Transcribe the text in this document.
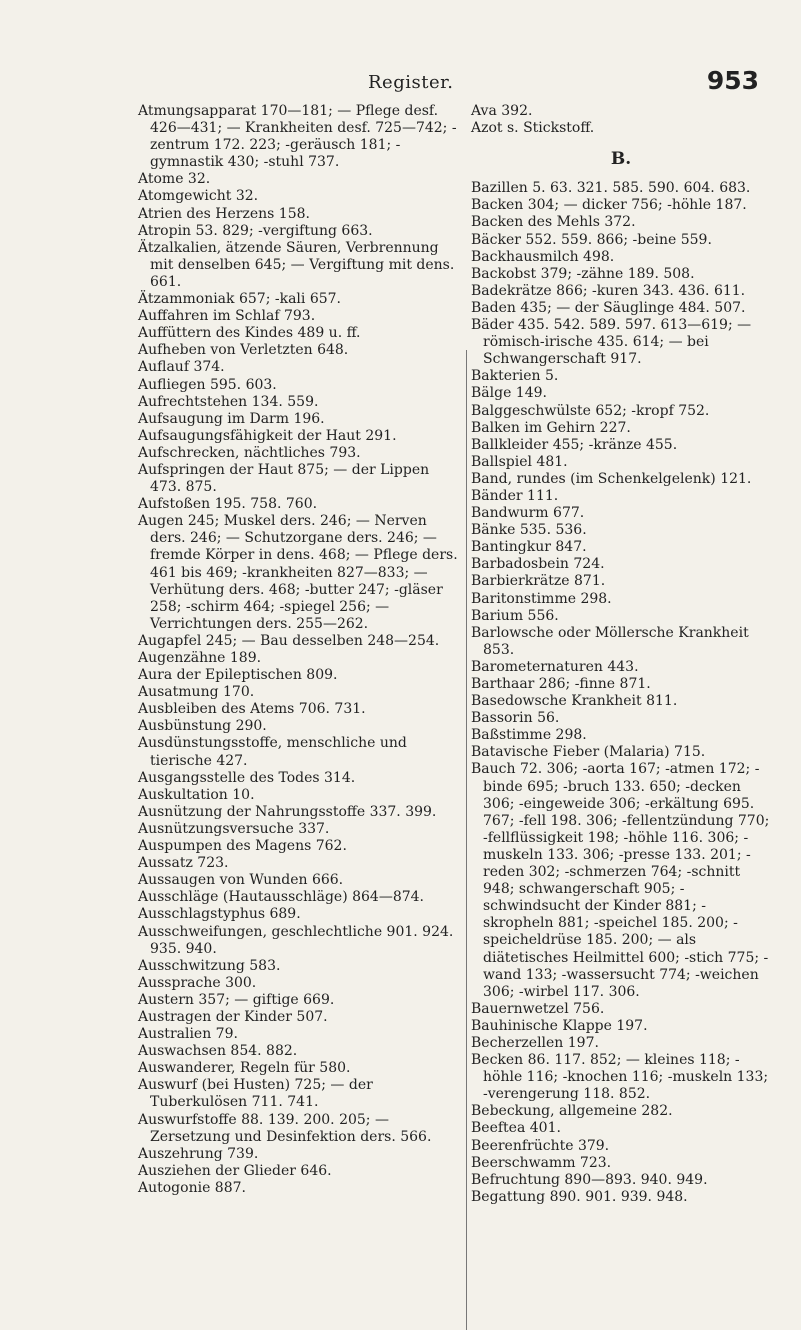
Register.	953

Atmungsapparat 170—181; — Pflege desf. 426—431; — Krankheiten desf. 725—742; -zentrum 172. 223; -geräusch 181; -gymnastik 430; -stuhl 737.

Atome 32.

Atomgewicht 32.

Atrien des Herzens 158.

Atropin 53. 829; -vergiftung 663.

Ätzalkalien, ätzende Säuren, Verbrennung mit denselben 645; — Vergiftung mit dens. 661.

Ätzammoniak 657; -kali 657.

Auffahren im Schlaf 793.

Auffüttern des Kindes 489 u. ff.

Aufheben von Verletzten 648.

Auflauf 374.

Aufliegen 595. 603.

Aufrechtstehen 134. 559.

Aufsaugung im Darm 196.

Aufsaugungsfähigkeit der Haut 291.

Aufschrecken, nächtliches 793.

Aufspringen der Haut 875; — der Lippen 473. 875.

Aufstoßen 195. 758. 760.

Augen 245; Muskel ders. 246; — Nerven ders. 246; — Schutzorgane ders. 246; — fremde Körper in dens. 468; — Pflege ders. 461 bis 469; -krankheiten 827—833; — Verhütung ders. 468; -butter 247; -gläser 258; -schirm 464; -spiegel 256; — Verrichtungen ders. 255—262.

Augapfel 245; — Bau desselben 248—254.

Augenzähne 189.

Aura der Epileptischen 809.

Ausatmung 170.

Ausbleiben des Atems 706. 731.

Ausbünstung 290.

Ausdünstungsstoffe, menschliche und tierische 427.

Ausgangsstelle des Todes 314.

Auskultation 10.

Ausnützung der Nahrungsstoffe 337. 399.

Ausnützungsversuche 337.

Auspumpen des Magens 762.

Aussatz 723.

Aussaugen von Wunden 666.

Ausschläge (Hautausschläge) 864—874.

Ausschlagstyphus 689.

Ausschweifungen, geschlechtliche 901. 924. 935. 940.

Ausschwitzung 583.

Aussprache 300.

Austern 357; — giftige 669.

Austragen der Kinder 507.

Australien 79.

Auswachsen 854. 882.

Auswanderer, Regeln für 580.

Auswurf (bei Husten) 725; — der Tuberkulösen 711. 741.

Auswurfstoffe 88. 139. 200. 205; — Zersetzung und Desinfektion ders. 566.

Auszehrung 739.

Ausziehen der Glieder 646.

Autogonie 887.

Ava 392.

Azot s. Stickstoff.

B.

Bazillen 5. 63. 321. 585. 590. 604. 683.

Backen 304; — dicker 756; -höhle 187.

Backen des Mehls 372.

Bäcker 552. 559. 866; -beine 559.

Backhausmilch 498.

Backobst 379; -zähne 189. 508.

Badekrätze 866; -kuren 343. 436. 611.

Baden 435; — der Säuglinge 484. 507.

Bäder 435. 542. 589. 597. 613—619; — römisch-irische 435. 614; — bei Schwangerschaft 917.

Bakterien 5.

Bälge 149.

Balggeschwülste 652; -kropf 752.

Balken im Gehirn 227.

Ballkleider 455; -kränze 455.

Ballspiel 481.

Band, rundes (im Schenkelgelenk) 121.

Bänder 111.

Bandwurm 677.

Bänke 535. 536.

Bantingkur 847.

Barbadosbein 724.

Barbierkrätze 871.

Baritonstimme 298.

Barium 556.

Barlowsche oder Möllersche Krankheit 853.

Barometernaturen 443.

Barthaar 286; -finne 871.

Basedowsche Krankheit 811.

Bassorin 56.

Baßstimme 298.

Batavische Fieber (Malaria) 715.

Bauch 72. 306; -aorta 167; -atmen 172; -binde 695; -bruch 133. 650; -decken 306; -eingeweide 306; -erkältung 695. 767; -fell 198. 306; -fellentzündung 770; -fellflüssigkeit 198; -höhle 116. 306; -muskeln 133. 306; -presse 133. 201; -reden 302; -schmerzen 764; -schnitt 948; schwangerschaft 905; -schwindsucht der Kinder 881; -skropheln 881; -speichel 185. 200; -speicheldrüse 185. 200; — als diätetisches Heilmittel 600; -stich 775; -wand 133; -wassersucht 774; -weichen 306; -wirbel 117. 306.

Bauernwetzel 756.

Bauhinische Klappe 197.

Becherzellen 197.

Becken 86. 117. 852; — kleines 118; -höhle 116; -knochen 116; -muskeln 133; -verengerung 118. 852.

Bebeckung, allgemeine 282.

Beeftea 401.

Beerenfrüchte 379.

Beerschwamm 723.

Befruchtung 890—893. 940. 949.

Begattung 890. 901. 939. 948.
